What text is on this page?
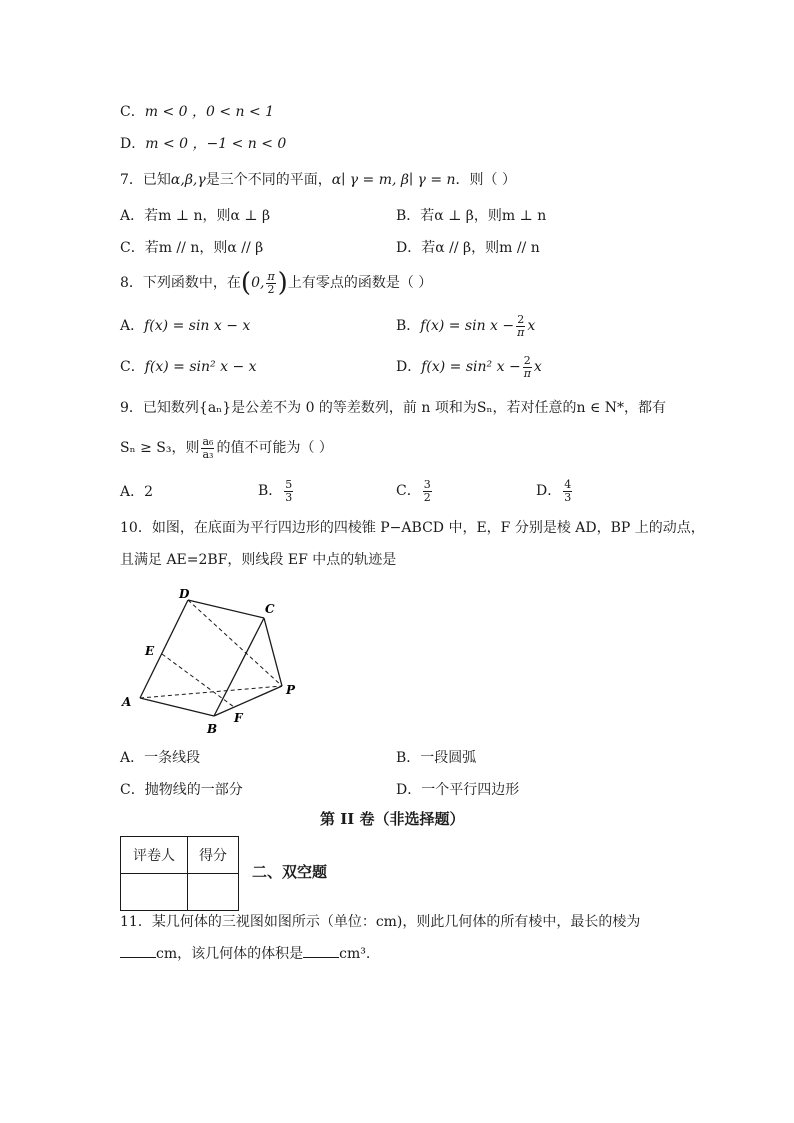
C．m < 0 ，0 < n < 1
D．m < 0 ，−1 < n < 0
7．已知α,β,γ是三个不同的平面，α∣ γ = m, β∣ γ = n．则（ ）
A．若m ⊥ n，则α ⊥ β	B．若α ⊥ β，则m ⊥ n
C．若m // n，则α // β	D．若α // β，则m // n
8．下列函数中，在(0, $\frac{\pi}{2}$ )上有零点的函数是（ ）
A．f(x) = sin x − x	B．$f(x) = \sin x - \frac{2}{\pi}$ x
C．f(x) = sin² x − x	D．f(x) = sin² $x - \frac{2}{\pi}$ x
9．已知数列{aₙ}是公差不为 0 的等差数列，前 n 项和为Sₙ，若对任意的n ∈ N*，都有
Sₙ ≥ S₃，则 $\frac{\text{a₆}}{\text{a₃}}$ 的值不可能为（ ）
A．2	B． $\frac{5}{3}$	C． $\frac{3}{2}$	D． $\frac{4}{3}$
10．如图，在底面为平行四边形的四棱锥 P−ABCD 中，E，F 分别是棱 AD，BP 上的动点，
且满足 AE=2BF，则线段 EF 中点的轨迹是
D
C
E
A
P
B
F
A．一条线段	B．一段圆弧
C．抛物线的一部分	D．一个平行四边形
第 II 卷（非选择题）
评卷人	得分

二、双空题
11．某几何体的三视图如图所示（单位：cm)，则此几何体的所有棱中，最长的棱为
cm，该几何体的体积是	cm³.
